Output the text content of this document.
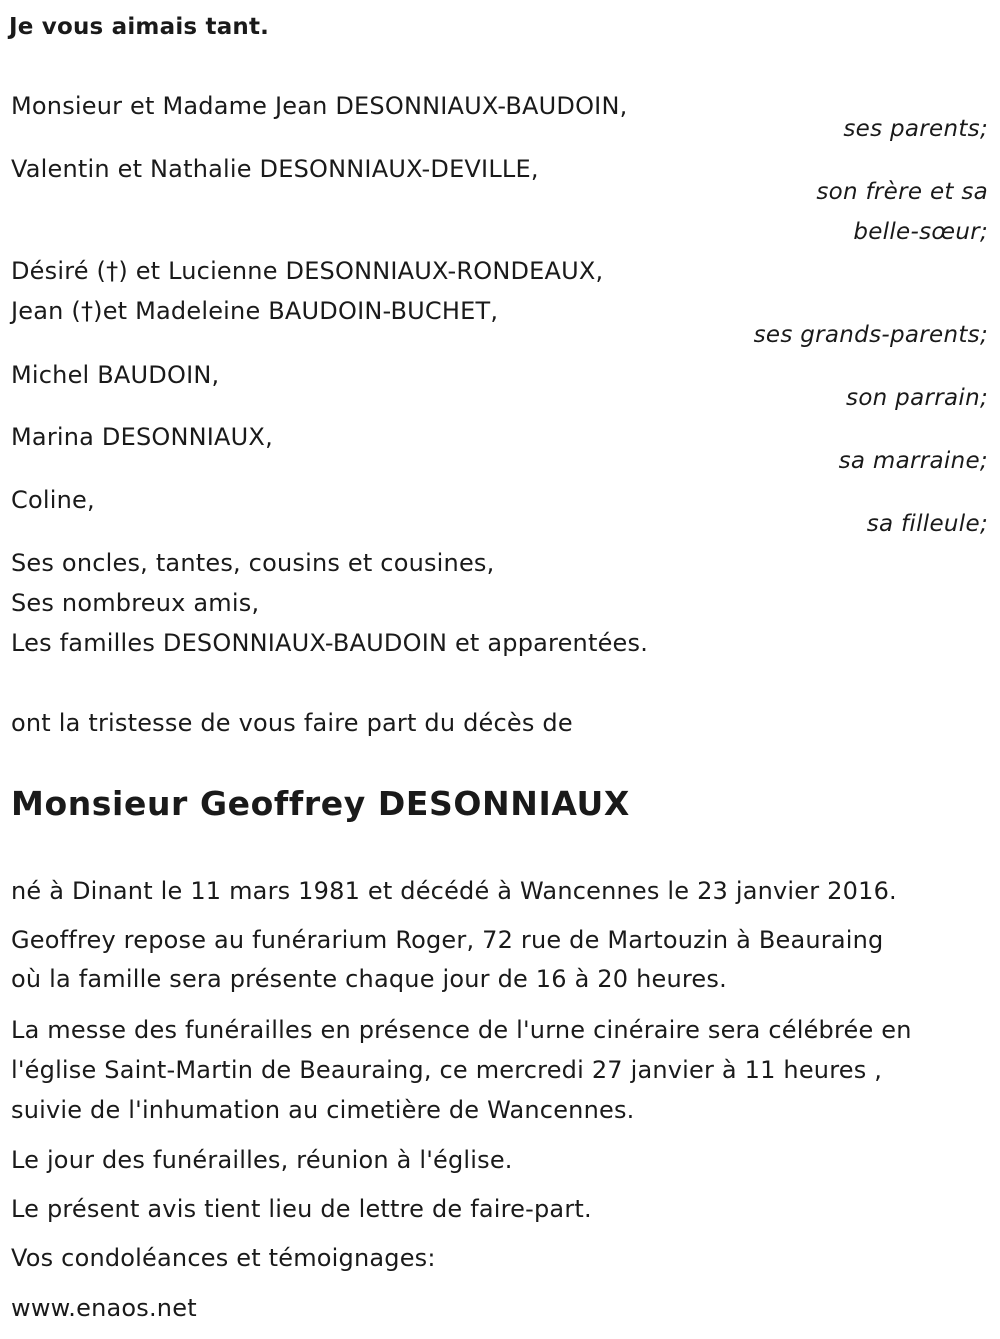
Je vous aimais tant.
Monsieur et Madame Jean DESONNIAUX-BAUDOIN,
ses parents;
Valentin et Nathalie DESONNIAUX-DEVILLE,
son frère et sa
belle-sœur;
Désiré (†) et Lucienne DESONNIAUX-RONDEAUX,
Jean (†)et Madeleine BAUDOIN-BUCHET,
ses grands-parents;
Michel BAUDOIN,
son parrain;
Marina DESONNIAUX,
sa marraine;
Coline,
sa filleule;
Ses oncles, tantes, cousins et cousines,
Ses nombreux amis,
Les familles DESONNIAUX-BAUDOIN et apparentées.
ont la tristesse de vous faire part du décès de
Monsieur Geoffrey DESONNIAUX
né à Dinant le 11 mars 1981 et décédé à Wancennes le 23 janvier 2016.
Geoffrey repose au funérarium Roger, 72 rue de Martouzin à Beauraing
où la famille sera présente chaque jour de 16 à 20 heures.
La messe des funérailles en présence de l'urne cinéraire sera célébrée en
l'église Saint-Martin de Beauraing, ce mercredi 27 janvier à 11 heures ,
suivie de l'inhumation au cimetière de Wancennes.
Le jour des funérailles, réunion à l'église.
Le présent avis tient lieu de lettre de faire-part.
Vos condoléances et témoignages:
www.enaos.net
